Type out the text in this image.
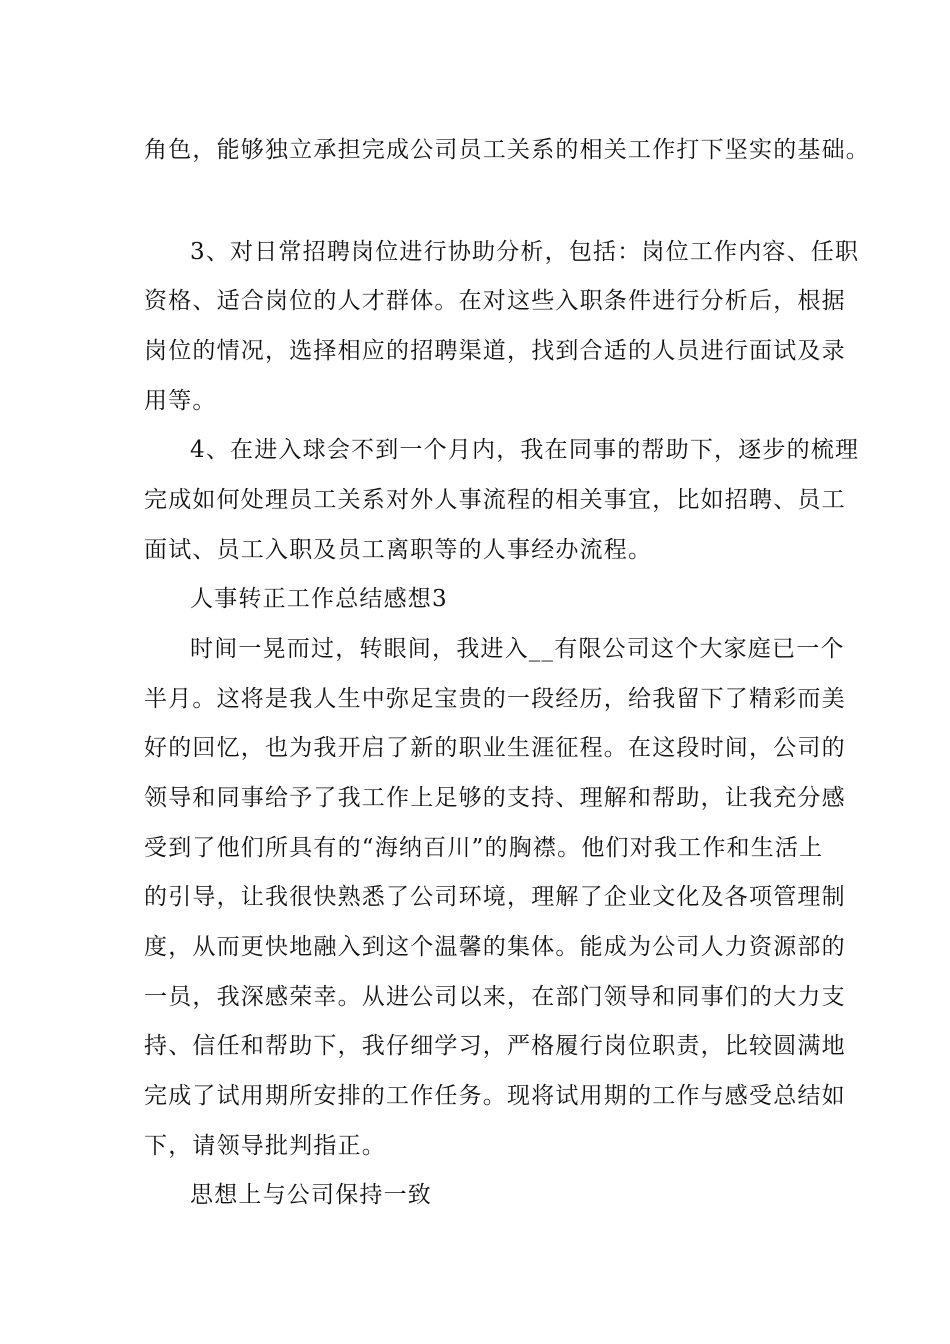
角色，能够独立承担完成公司员工关系的相关工作打下坚实的基础。
3、对日常招聘岗位进行协助分析，包括：岗位工作内容、任职
资格、适合岗位的人才群体。在对这些入职条件进行分析后，根据
岗位的情况，选择相应的招聘渠道，找到合适的人员进行面试及录
用等。
4、在进入球会不到一个月内，我在同事的帮助下，逐步的梳理
完成如何处理员工关系对外人事流程的相关事宜，比如招聘、员工
面试、员工入职及员工离职等的人事经办流程。
人事转正工作总结感想3
时间一晃而过，转眼间，我进入__有限公司这个大家庭已一个
半月。这将是我人生中弥足宝贵的一段经历，给我留下了精彩而美
好的回忆，也为我开启了新的职业生涯征程。在这段时间，公司的
领导和同事给予了我工作上足够的支持、理解和帮助，让我充分感
受到了他们所具有的“海纳百川”的胸襟。他们对我工作和生活上
的引导，让我很快熟悉了公司环境，理解了企业文化及各项管理制
度，从而更快地融入到这个温馨的集体。能成为公司人力资源部的
一员，我深感荣幸。从进公司以来，在部门领导和同事们的大力支
持、信任和帮助下，我仔细学习，严格履行岗位职责，比较圆满地
完成了试用期所安排的工作任务。现将试用期的工作与感受总结如
下，请领导批判指正。
思想上与公司保持一致
